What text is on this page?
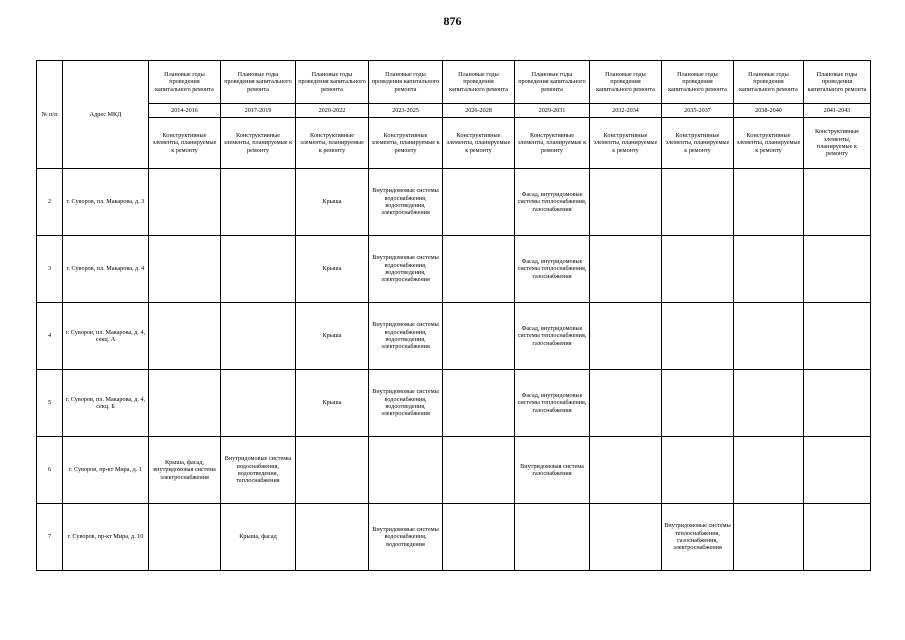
876
№ п/п	Адрес МКД	Плановые годы проведения капитального ремонта	Плановые годы проведения капитального ремонта	Плановые годы проведения капитального ремонта	Плановые годы проведения капитального ремонта	Плановые годы проведения капитального ремонта	Плановые годы проведения капитального ремонта	Плановые годы проведения капитального ремонта	Плановые годы проведения капитального ремонта	Плановые годы проведения капитального ремонта	Плановые годы проведения капитального ремонта
		2014-2016	2017-2019	2020-2022	2023-2025	2026-2028	2029-2031	2032-2034	2035-2037	2038-2040	2041-2043
		Конструктивные элементы, планируемые к ремонту	Конструктивные элементы, планируемые к ремонту	Конструктивные элементы, планируемые к ремонту	Конструктивные элементы, планируемые к ремонту	Конструктивные элементы, планируемые к ремонту	Конструктивные элементы, планируемые к ремонту	Конструктивные элементы, планируемые к ремонту	Конструктивные элементы, планируемые к ремонту	Конструктивные элементы, планируемые к ремонту	Конструктивные элементы, планируемые к ремонту
2	г. Суворов, пл. Макарова, д. 3			Крыша	Внутридомовые системы водоснабжения, водоотведения, электроснабжения		Фасад, внутридомовые системы теплоснабжения, газоснабжения				
3	г. Суворов, пл. Макарова, д. 4			Крыша	Внутридомовые системы водоснабжения, водоотведения, электроснабжения		Фасад, внутридомовые системы теплоснабжения, газоснабжения				
4	г. Суворов, пл. Макарова, д. 4, секц. А			Крыша	Внутридомовые системы водоснабжения, водоотведения, электроснабжения		Фасад, внутридомовые системы теплоснабжения, газоснабжения				
5	г. Суворов, пл. Макарова, д. 4, секц. Б			Крыша	Внутридомовые системы водоснабжения, водоотведения, электроснабжения		Фасад, внутридомовые системы теплоснабжения, газоснабжения				
6	г. Суворов, пр-кт Мира, д. 1	Крыша, фасад, внутридомовая система электроснабжения	Внутридомовые системы водоснабжения, водоотведения, теплоснабжения				Внутридомовая система газоснабжения				
7	г. Суворов, пр-кт Мира, д. 10		Крыша, фасад		Внутридомовые системы водоснабжения, водоотведения				Внутридомовые системы теплоснабжения, газоснабжения, электроснабжения		
